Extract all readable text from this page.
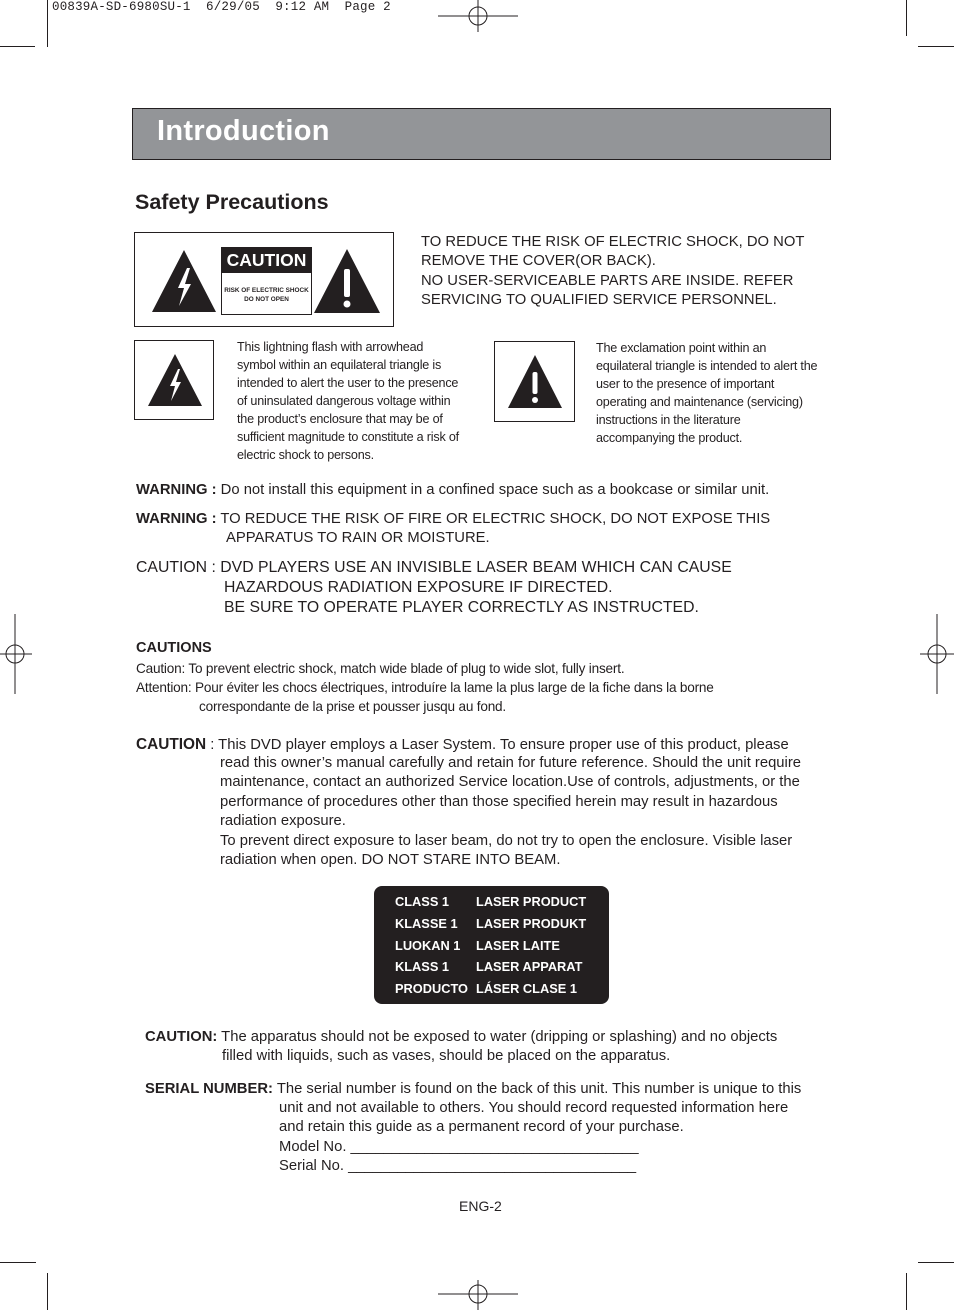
00839A-SD-6980SU-1  6/29/05  9:12 AM  Page 2
Introduction
Safety Precautions
CAUTION
RISK OF ELECTRIC SHOCK
DO NOT OPEN
TO REDUCE THE RISK OF ELECTRIC SHOCK, DO NOT
REMOVE THE COVER(OR BACK).
NO USER-SERVICEABLE PARTS ARE INSIDE. REFER
SERVICING TO QUALIFIED SERVICE PERSONNEL.
This lightning flash with arrowhead
symbol within an equilateral triangle is
intended to alert the user to the presence
of uninsulated dangerous voltage within
the product’s enclosure that may be of
sufficient magnitude to constitute a risk of
electric shock to persons.
The exclamation point within an
equilateral triangle is intended to alert the
user to the presence of important
operating and maintenance (servicing)
instructions in the literature
accompanying the product.
WARNING : Do not install this equipment in a confined space such as a bookcase or similar unit.
WARNING : TO REDUCE THE RISK OF FIRE OR ELECTRIC SHOCK, DO NOT EXPOSE THIS
APPARATUS TO RAIN OR MOISTURE.
CAUTION : DVD PLAYERS USE AN INVISIBLE LASER BEAM WHICH CAN CAUSE
HAZARDOUS RADIATION EXPOSURE IF DIRECTED.
BE SURE TO OPERATE PLAYER CORRECTLY AS INSTRUCTED.
CAUTIONS
Caution: To prevent electric shock, match wide blade of plug to wide slot, fully insert.
Attention: Pour éviter les chocs électriques, introduíre la lame la plus large de la fiche dans la borne
correspondante de la prise et pousser jusqu au fond.
CAUTION : This DVD player employs a Laser System. To ensure proper use of this product, please
read this owner’s manual carefully and retain for future reference. Should the unit require
maintenance, contact an authorized Service location.Use of controls, adjustments, or the
performance of procedures other than those specified herein may result in hazardous
radiation exposure.
To prevent direct exposure to laser beam, do not try to open the enclosure. Visible laser
radiation when open. DO NOT STARE INTO BEAM.
CLASS 1 LASER PRODUCT
KLASSE 1 LASER PRODUKT
LUOKAN 1 LASER LAITE
KLASS 1 LASER APPARAT
PRODUCTO LÁSER CLASE 1
CAUTION: The apparatus should not be exposed to water (dripping or splashing) and no objects
filled with liquids, such as vases, should be placed on the apparatus.
SERIAL NUMBER: The serial number is found on the back of this unit. This number is unique to this
unit and not available to others. You should record requested information here
and retain this guide as a permanent record of your purchase.
Model No. ___________________________________
Serial No. ___________________________________
ENG-2
